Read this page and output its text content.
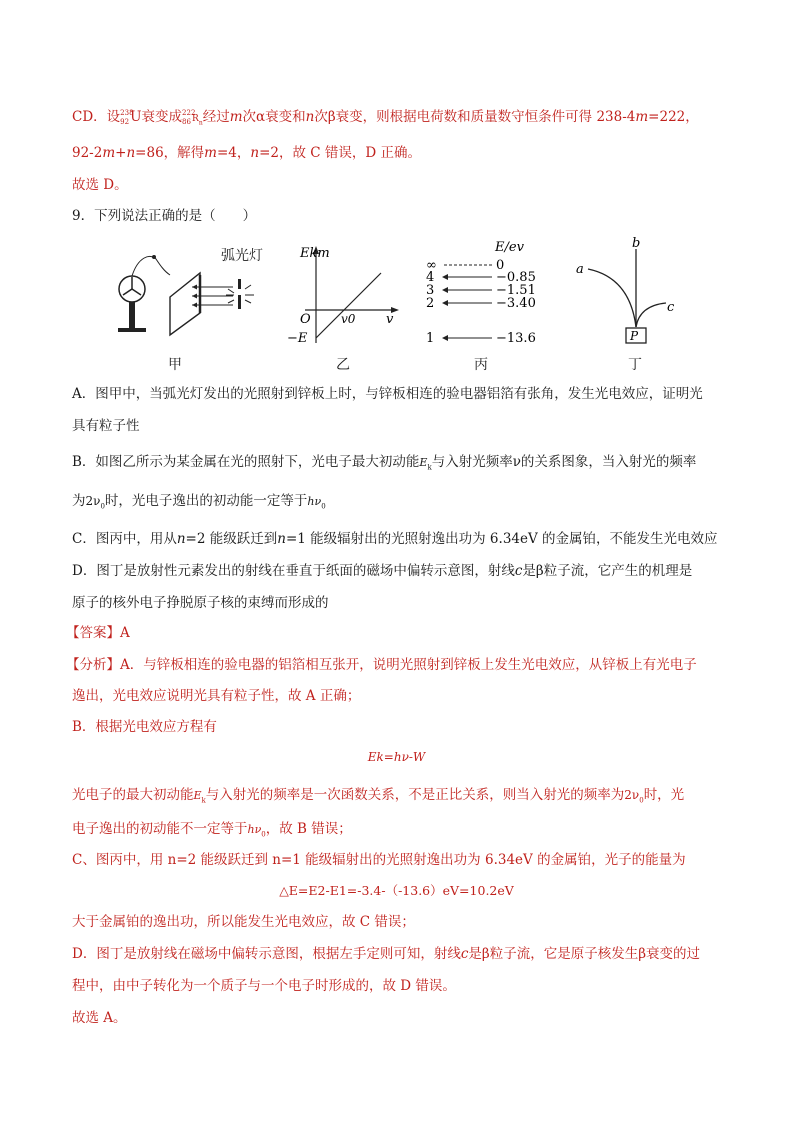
CD．设 238
92 U衰变成 222
86 $R_n$经过m次α衰变和n次β衰变，则根据电荷数和质量数守恒条件可得 238-4m=222，
92-2m+n=86，解得m=4，n=2，故 C 错误，D 正确。
故选 D。
9．下列说法正确的是（　　）
弧光灯
甲
Ekm
O	v0 v
−E
乙
E/ev
∞	0
4	−0.85
3	−1.51
2	−3.40
1	−13.6
丙
P
b
a
c
丁
A．图甲中，当弧光灯发出的光照射到锌板上时，与锌板相连的验电器铝箔有张角，发生光电效应，证明光
具有粒子性
B．如图乙所示为某金属在光的照射下，光电子最大初动能$E_k$与入射光频率ν的关系图象，当入射光的频率
为$2\nu_0$时，光电子逸出的初动能一定等于$h\nu_0$
C．图丙中，用从n=2 能级跃迁到n=1 能级辐射出的光照射逸出功为 6.34eV 的金属铂，不能发生光电效应
D．图丁是放射性元素发出的射线在垂直于纸面的磁场中偏转示意图，射线c是β粒子流，它产生的机理是
原子的核外电子挣脱原子核的束缚而形成的
【答案】A
【分析】A．与锌板相连的验电器的铝箔相互张开，说明光照射到锌板上发生光电效应，从锌板上有光电子
逸出，光电效应说明光具有粒子性，故 A 正确；
B．根据光电效应方程有
Ek=hν-W
光电子的最大初动能$E_k$与入射光的频率是一次函数关系，不是正比关系，则当入射光的频率为$2\nu_0$时，光
电子逸出的初动能不一定等于$h\nu_0$，故 B 错误；
C、图丙中，用 n=2 能级跃迁到 n=1 能级辐射出的光照射逸出功为 6.34eV 的金属铂，光子的能量为
△E=E2-E1=-3.4-（-13.6）eV=10.2eV
大于金属铂的逸出功，所以能发生光电效应，故 C 错误；
D．图丁是放射线在磁场中偏转示意图，根据左手定则可知，射线c是β粒子流，它是原子核发生β衰变的过
程中，由中子转化为一个质子与一个电子时形成的，故 D 错误。
故选 A。
